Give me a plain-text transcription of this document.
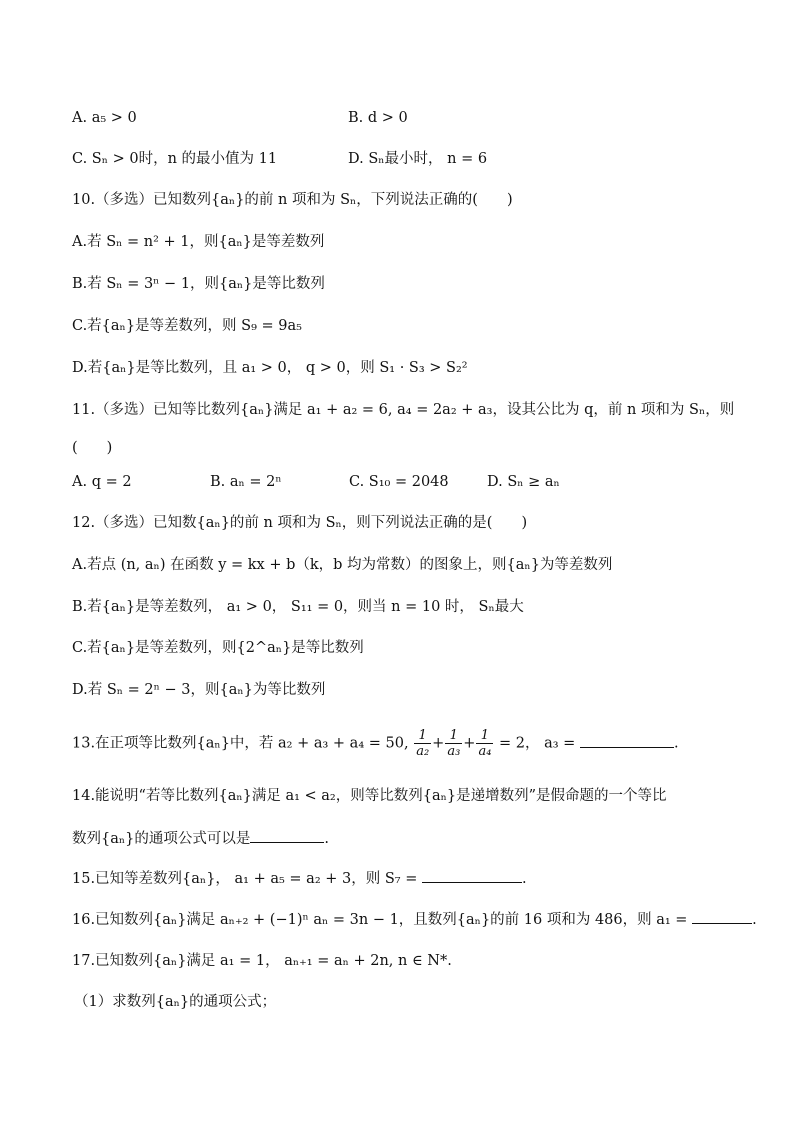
A. a₅ > 0	B. d > 0
C. Sₙ > 0时，n 的最小值为 11	D. Sₙ最小时， n = 6
10.（多选）已知数列{aₙ}的前 n 项和为 Sₙ，下列说法正确的(　　)
A.若 Sₙ = n² + 1，则{aₙ}是等差数列
B.若 Sₙ = 3ⁿ − 1，则{aₙ}是等比数列
C.若{aₙ}是等差数列，则 S₉ = 9a₅
D.若{aₙ}是等比数列，且 a₁ > 0， q > 0，则 S₁ · S₃ > S₂²
11.（多选）已知等比数列{aₙ}满足 a₁ + a₂ = 6, a₄ = 2a₂ + a₃，设其公比为 q，前 n 项和为 Sₙ，则
(　　)
A. q = 2	B. aₙ = 2ⁿ	C. S₁₀ = 2048	D. Sₙ ≥ aₙ
12.（多选）已知数{aₙ}的前 n 项和为 Sₙ，则下列说法正确的是(　　)
A.若点 (n, aₙ) 在函数 y = kx + b（k，b 均为常数）的图象上，则{aₙ}为等差数列
B.若{aₙ}是等差数列， a₁ > 0， S₁₁ = 0，则当 n = 10 时， Sₙ最大
C.若{aₙ}是等差数列，则{2^aₙ}是等比数列
D.若 Sₙ = 2ⁿ − 3，则{aₙ}为等比数列
13.在正项等比数列{aₙ}中，若 a₂ + a₃ + a₄ = 50, $\frac{1}{\text{a₂}} + \frac{1}{\text{a₃}} + \frac{1}{\text{a₄}} = 2$， a₃ =	.
14.能说明“若等比数列{aₙ}满足 a₁ < a₂，则等比数列{aₙ}是递增数列”是假命题的一个等比
数列{aₙ}的通项公式可以是	.
15.已知等差数列{aₙ}， a₁ + a₅ = a₂ + 3，则 S₇ =	.
16.已知数列{aₙ}满足 aₙ₊₂ + (−1)ⁿ aₙ = 3n − 1，且数列{aₙ}的前 16 项和为 486，则 a₁ =	.
17.已知数列{aₙ}满足 a₁ = 1， aₙ₊₁ = aₙ + 2n, n ∈ N*.
（1）求数列{aₙ}的通项公式；
